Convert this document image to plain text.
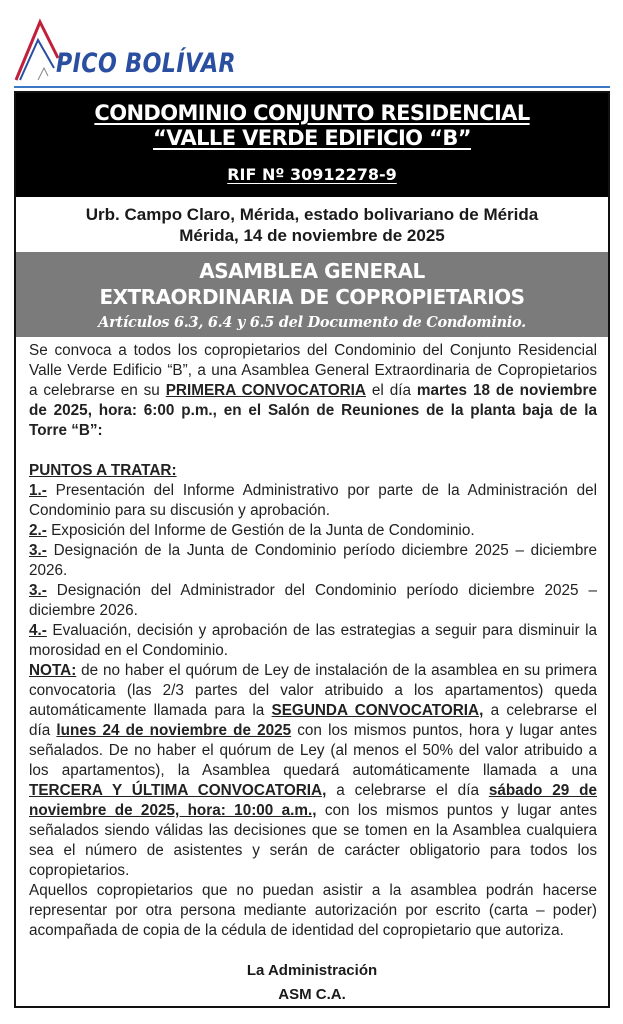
PICO BOLÍVAR
CONDOMINIO CONJUNTO RESIDENCIAL
“VALLE VERDE EDIFICIO “B”
RIF Nº 30912278-9
Urb. Campo Claro, Mérida, estado bolivariano de Mérida
Mérida, 14 de noviembre de 2025
ASAMBLEA GENERAL
EXTRAORDINARIA DE COPROPIETARIOS
Artículos 6.3, 6.4 y 6.5 del Documento de Condominio.

Se convoca a todos los copropietarios del Condominio del Conjunto Residencial Valle Verde Edificio “B”, a una Asamblea General Extraordinaria de Copropietarios a celebrarse en su PRIMERA CONVOCATORIA el día martes 18 de noviembre de 2025, hora: 6:00 p.m., en el Salón de Reuniones de la planta baja de la Torre “B”:

PUNTOS A TRATAR:

1.- Presentación del Informe Administrativo por parte de la Administración del Condominio para su discusión y aprobación.

2.- Exposición del Informe de Gestión de la Junta de Condominio.

3.- Designación de la Junta de Condominio período diciembre 2025 – diciembre 2026.

3.- Designación del Administrador del Condominio período diciembre 2025 –diciembre 2026.

4.- Evaluación, decisión y aprobación de las estrategias a seguir para disminuir la morosidad en el Condominio.

NOTA: de no haber el quórum de Ley de instalación de la asamblea en su primera convocatoria (las 2/3 partes del valor atribuido a los apartamentos) queda automáticamente llamada para la SEGUNDA CONVOCATORIA, a celebrarse el día lunes 24 de noviembre de 2025 con los mismos puntos, hora y lugar antes señalados. De no haber el quórum de Ley (al menos el 50% del valor atribuido a los apartamentos), la Asamblea quedará automáticamente llamada a una TERCERA Y ÚLTIMA CONVOCATORIA, a celebrarse el día sábado 29 de noviembre de 2025, hora: 10:00 a.m., con los mismos puntos y lugar antes señalados siendo válidas las decisiones que se tomen en la Asamblea cualquiera sea el número de asistentes y serán de carácter obligatorio para todos los copropietarios.

Aquellos copropietarios que no puedan asistir a la asamblea podrán hacerse representar por otra persona mediante autorización por escrito (carta – poder) acompañada de copia de la cédula de identidad del copropietario que autoriza.

La Administración
ASM C.A.
